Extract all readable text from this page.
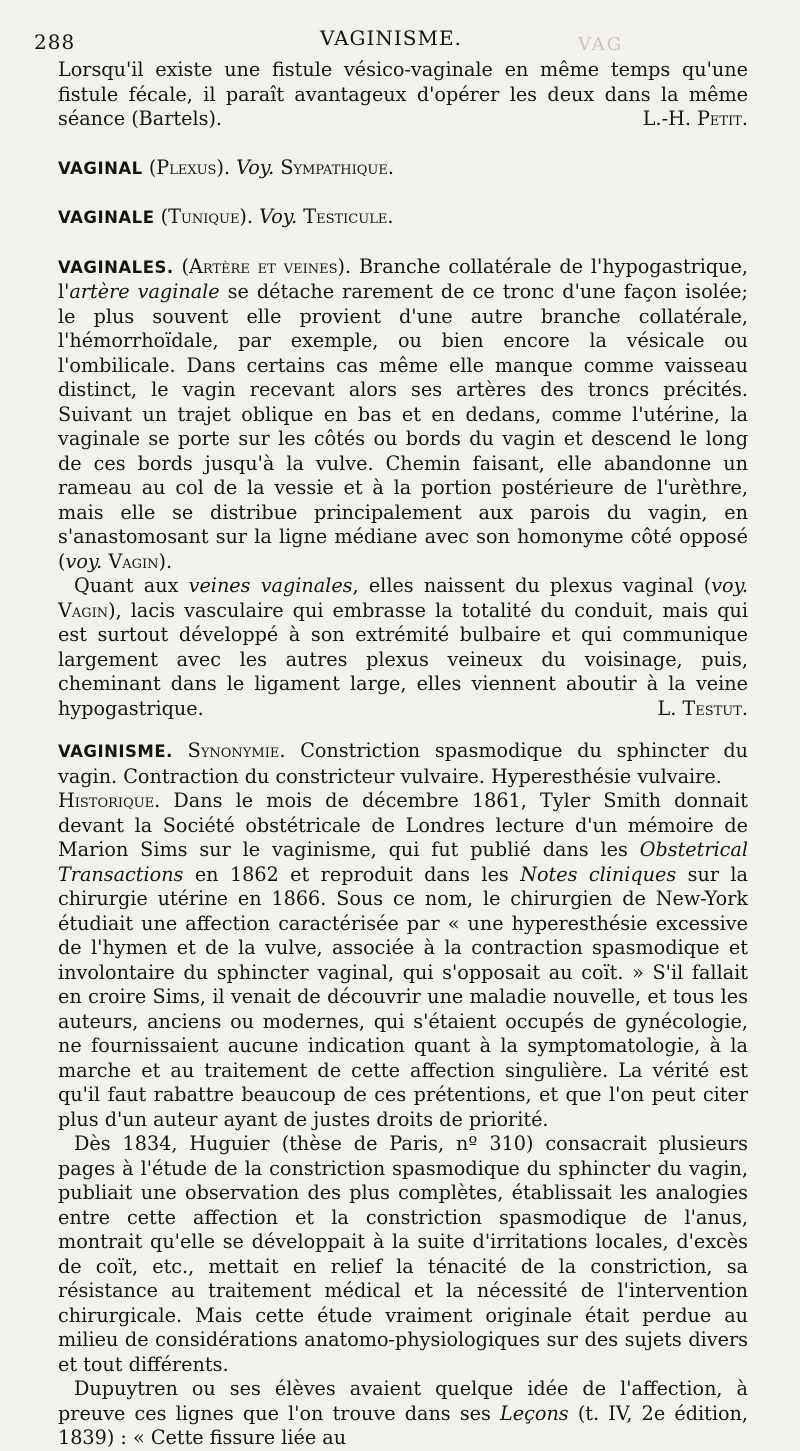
288	VAGINISME.	VAG

Lorsqu'il existe une fistule vésico-vaginale en même temps qu'une fistule fécale, il paraît avantageux d'opérer les deux dans la même séance (Bartels).	L.-H. Petit.

VAGINAL (Plexus). Voy. Sympathique.

VAGINALE (Tunique). Voy. Testicule.

VAGINALES. (Artère et veines). Branche collatérale de l'hypogastrique, l'artère vaginale se détache rarement de ce tronc d'une façon isolée; le plus souvent elle provient d'une autre branche collatérale, l'hémorrhoïdale, par exemple, ou bien encore la vésicale ou l'ombilicale. Dans certains cas même elle manque comme vaisseau distinct, le vagin recevant alors ses artères des troncs précités. Suivant un trajet oblique en bas et en dedans, comme l'utérine, la vaginale se porte sur les côtés ou bords du vagin et descend le long de ces bords jusqu'à la vulve. Chemin faisant, elle abandonne un rameau au col de la vessie et à la portion postérieure de l'urèthre, mais elle se distribue principalement aux parois du vagin, en s'anastomosant sur la ligne médiane avec son homonyme côté opposé (voy. Vagin).

Quant aux veines vaginales, elles naissent du plexus vaginal (voy. Vagin), lacis vasculaire qui embrasse la totalité du conduit, mais qui est surtout développé à son extrémité bulbaire et qui communique largement avec les autres plexus veineux du voisinage, puis, cheminant dans le ligament large, elles viennent aboutir à la veine hypogastrique.	L. Testut.

VAGINISME. Synonymie. Constriction spasmodique du sphincter du vagin. Contraction du constricteur vulvaire. Hyperesthésie vulvaire.

Historique. Dans le mois de décembre 1861, Tyler Smith donnait devant la Société obstétricale de Londres lecture d'un mémoire de Marion Sims sur le vaginisme, qui fut publié dans les Obstetrical Transactions en 1862 et reproduit dans les Notes cliniques sur la chirurgie utérine en 1866. Sous ce nom, le chirurgien de New-York étudiait une affection caractérisée par « une hyperesthésie excessive de l'hymen et de la vulve, associée à la contraction spasmodique et involontaire du sphincter vaginal, qui s'opposait au coït. » S'il fallait en croire Sims, il venait de découvrir une maladie nouvelle, et tous les auteurs, anciens ou modernes, qui s'étaient occupés de gynécologie, ne fournissaient aucune indication quant à la symptomatologie, à la marche et au traitement de cette affection singulière. La vérité est qu'il faut rabattre beaucoup de ces prétentions, et que l'on peut citer plus d'un auteur ayant de justes droits de priorité.

Dès 1834, Huguier (thèse de Paris, nº 310) consacrait plusieurs pages à l'étude de la constriction spasmodique du sphincter du vagin, publiait une observation des plus complètes, établissait les analogies entre cette affection et la constriction spasmodique de l'anus, montrait qu'elle se développait à la suite d'irritations locales, d'excès de coït, etc., mettait en relief la ténacité de la constriction, sa résistance au traitement médical et la nécessité de l'intervention chirurgicale. Mais cette étude vraiment originale était perdue au milieu de considérations anatomo-physiologiques sur des sujets divers et tout différents.

Dupuytren ou ses élèves avaient quelque idée de l'affection, à preuve ces lignes que l'on trouve dans ses Leçons (t. IV, 2e édition, 1839) : « Cette fissure liée au
